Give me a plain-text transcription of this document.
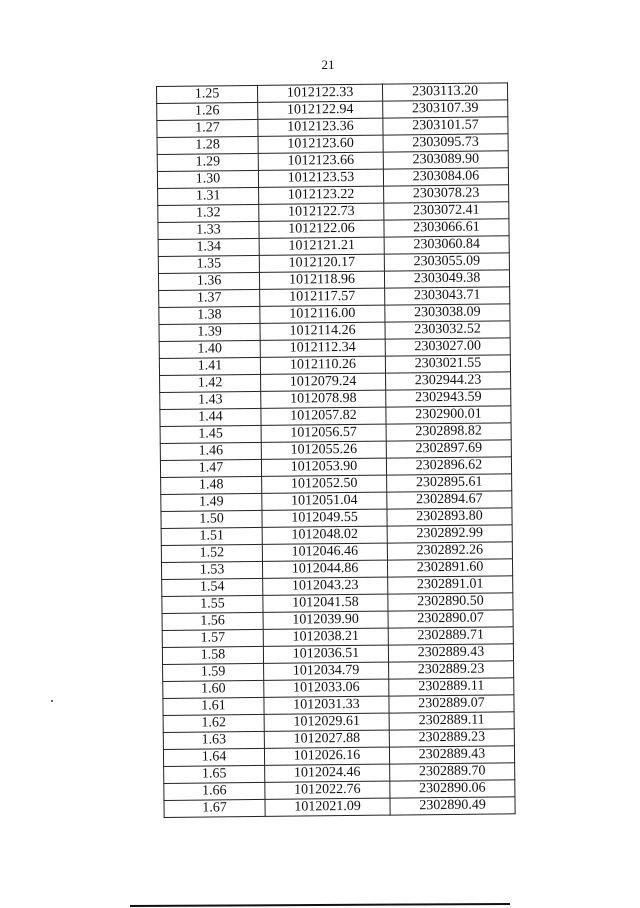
21
1.25	1012122.33	2303113.20
1.26	1012122.94	2303107.39
1.27	1012123.36	2303101.57
1.28	1012123.60	2303095.73
1.29	1012123.66	2303089.90
1.30	1012123.53	2303084.06
1.31	1012123.22	2303078.23
1.32	1012122.73	2303072.41
1.33	1012122.06	2303066.61
1.34	1012121.21	2303060.84
1.35	1012120.17	2303055.09
1.36	1012118.96	2303049.38
1.37	1012117.57	2303043.71
1.38	1012116.00	2303038.09
1.39	1012114.26	2303032.52
1.40	1012112.34	2303027.00
1.41	1012110.26	2303021.55
1.42	1012079.24	2302944.23
1.43	1012078.98	2302943.59
1.44	1012057.82	2302900.01
1.45	1012056.57	2302898.82
1.46	1012055.26	2302897.69
1.47	1012053.90	2302896.62
1.48	1012052.50	2302895.61
1.49	1012051.04	2302894.67
1.50	1012049.55	2302893.80
1.51	1012048.02	2302892.99
1.52	1012046.46	2302892.26
1.53	1012044.86	2302891.60
1.54	1012043.23	2302891.01
1.55	1012041.58	2302890.50
1.56	1012039.90	2302890.07
1.57	1012038.21	2302889.71
1.58	1012036.51	2302889.43
1.59	1012034.79	2302889.23
1.60	1012033.06	2302889.11
1.61	1012031.33	2302889.07
1.62	1012029.61	2302889.11
1.63	1012027.88	2302889.23
1.64	1012026.16	2302889.43
1.65	1012024.46	2302889.70
1.66	1012022.76	2302890.06
1.67	1012021.09	2302890.49
